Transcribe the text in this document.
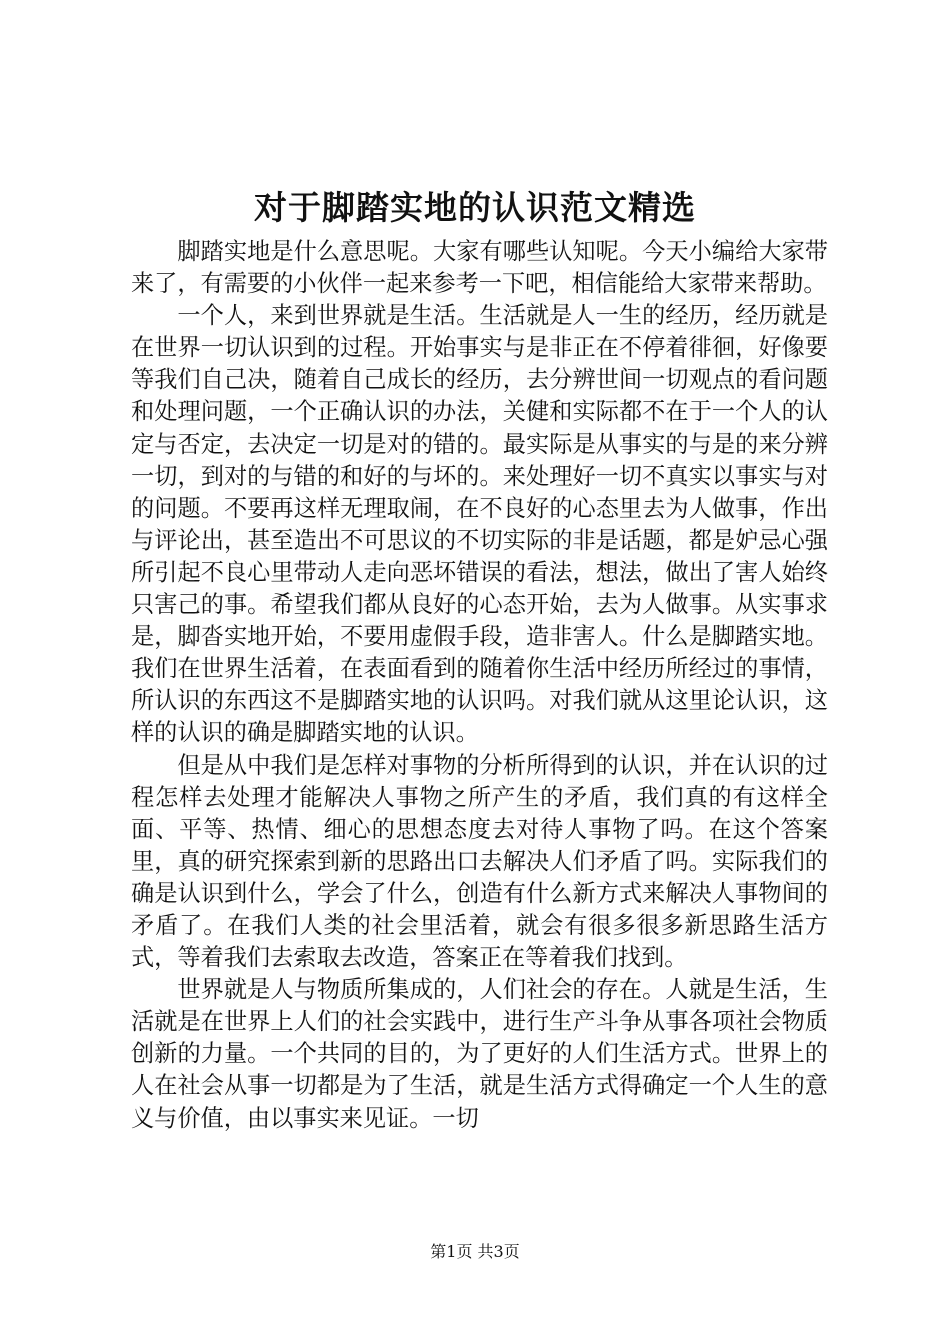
对于脚踏实地的认识范文精选

脚踏实地是什么意思呢。大家有哪些认知呢。今天小编给大家带来了，有需要的小伙伴一起来参考一下吧，相信能给大家带来帮助。

一个人，来到世界就是生活。生活就是人一生的经历，经历就是在世界一切认识到的过程。开始事实与是非正在不停着徘徊，好像要等我们自己决，随着自己成长的经历，去分辨世间一切观点的看问题和处理问题，一个正确认识的办法，关健和实际都不在于一个人的认定与否定，去决定一切是对的错的。最实际是从事实的与是的来分辨一切，到对的与错的和好的与坏的。来处理好一切不真实以事实与对的问题。不要再这样无理取闹，在不良好的心态里去为人做事，作出与评论出，甚至造出不可思议的不切实际的非是话题，都是妒忌心强所引起不良心里带动人走向恶坏错误的看法，想法，做出了害人始终只害己的事。希望我们都从良好的心态开始，去为人做事。从实事求是，脚沓实地开始，不要用虚假手段，造非害人。什么是脚踏实地。我们在世界生活着，在表面看到的随着你生活中经历所经过的事情，所认识的东西这不是脚踏实地的认识吗。对我们就从这里论认识，这样的认识的确是脚踏实地的认识。

但是从中我们是怎样对事物的分析所得到的认识，并在认识的过程怎样去处理才能解决人事物之所产生的矛盾，我们真的有这样全面、平等、热情、细心的思想态度去对待人事物了吗。在这个答案里，真的研究探索到新的思路出口去解决人们矛盾了吗。实际我们的确是认识到什么，学会了什么，创造有什么新方式来解决人事物间的矛盾了。在我们人类的社会里活着，就会有很多很多新思路生活方式，等着我们去索取去改造，答案正在等着我们找到。

世界就是人与物质所集成的，人们社会的存在。人就是生活，生活就是在世界上人们的社会实践中，进行生产斗争从事各项社会物质创新的力量。一个共同的目的，为了更好的人们生活方式。世界上的人在社会从事一切都是为了生活，就是生活方式得确定一个人生的意义与价值，由以事实来见证。一切

第1页 共3页
